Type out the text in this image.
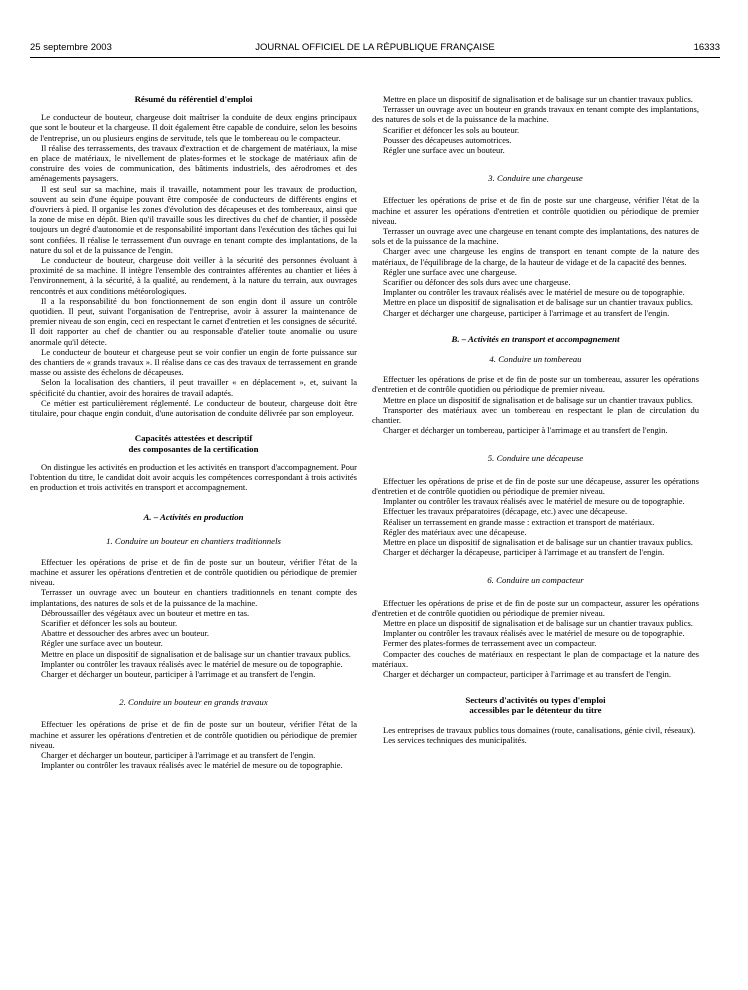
25 septembre 2003	JOURNAL OFFICIEL DE LA RÉPUBLIQUE FRANÇAISE	16333
Résumé du référentiel d'emploi

Le conducteur de bouteur, chargeuse doit maîtriser la conduite de deux engins principaux que sont le bouteur et la chargeuse. Il doit également être capable de conduire, selon les besoins de l'entreprise, un ou plusieurs engins de servitude, tels que le tombereau ou le compacteur.

Il réalise des terrassements, des travaux d'extraction et de chargement de matériaux, la mise en place de matériaux, le nivellement de plates-formes et le stockage de matériaux afin de construire des voies de communication, des bâtiments industriels, des aérodromes et des aménagements paysagers.

Il est seul sur sa machine, mais il travaille, notamment pour les travaux de production, souvent au sein d'une équipe pouvant être composée de conducteurs de différents engins et d'ouvriers à pied. Il organise les zones d'évolution des décapeuses et des tombereaux, ainsi que la zone de mise en dépôt. Bien qu'il travaille sous les directives du chef de chantier, il possède toujours un degré d'autonomie et de responsabilité important dans l'exécution des tâches qui lui sont confiées. Il réalise le terrassement d'un ouvrage en tenant compte des implantations, de la nature du sol et de la puissance de l'engin.

Le conducteur de bouteur, chargeuse doit veiller à la sécurité des personnes évoluant à proximité de sa machine. Il intègre l'ensemble des contraintes afférentes au chantier et liées à l'environnement, à la sécurité, à la qualité, au rendement, à la nature du terrain, aux ouvrages rencontrés et aux conditions météorologiques.

Il a la responsabilité du bon fonctionnement de son engin dont il assure un contrôle quotidien. Il peut, suivant l'organisation de l'entreprise, avoir à assurer la maintenance de premier niveau de son engin, ceci en respectant le carnet d'entretien et les consignes de sécurité. Il doit rapporter au chef de chantier ou au responsable d'atelier toute anomalie ou usure anormale qu'il détecte.

Le conducteur de bouteur et chargeuse peut se voir confier un engin de forte puissance sur des chantiers de « grands travaux ». Il réalise dans ce cas des travaux de terrassement en grande masse ou assiste des échelons de décapeuses.

Selon la localisation des chantiers, il peut travailler « en déplacement », et, suivant la spécificité du chantier, avoir des horaires de travail adaptés.

Ce métier est particulièrement réglementé. Le conducteur de bouteur, chargeuse doit être titulaire, pour chaque engin conduit, d'une autorisation de conduite délivrée par son employeur.

Capacités attestées et descriptif
des composantes de la certification

On distingue les activités en production et les activités en transport d'accompagnement. Pour l'obtention du titre, le candidat doit avoir acquis les compétences correspondant à trois activités en production et trois activités en transport et accompagnement.

A. – Activités en production
1. Conduire un bouteur en chantiers traditionnels

Effectuer les opérations de prise et de fin de poste sur un bouteur, vérifier l'état de la machine et assurer les opérations d'entretien et de contrôle quotidien ou périodique de premier niveau.

Terrasser un ouvrage avec un bouteur en chantiers traditionnels en tenant compte des implantations, des natures de sols et de la puissance de la machine.

Débroussailler des végétaux avec un bouteur et mettre en tas.

Scarifier et défoncer les sols au bouteur.

Abattre et dessoucher des arbres avec un bouteur.

Régler une surface avec un bouteur.

Mettre en place un dispositif de signalisation et de balisage sur un chantier travaux publics.

Implanter ou contrôler les travaux réalisés avec le matériel de mesure ou de topographie.

Charger et décharger un bouteur, participer à l'arrimage et au transfert de l'engin.

2. Conduire un bouteur en grands travaux

Effectuer les opérations de prise et de fin de poste sur un bouteur, vérifier l'état de la machine et assurer les opérations d'entretien et de contrôle quotidien ou périodique de premier niveau.

Charger et décharger un bouteur, participer à l'arrimage et au transfert de l'engin.

Implanter ou contrôler les travaux réalisés avec le matériel de mesure ou de topographie.

Mettre en place un dispositif de signalisation et de balisage sur un chantier travaux publics.

Terrasser un ouvrage avec un bouteur en grands travaux en tenant compte des implantations, des natures de sols et de la puissance de la machine.

Scarifier et défoncer les sols au bouteur.

Pousser des décapeuses automotrices.

Régler une surface avec un bouteur.

3. Conduire une chargeuse

Effectuer les opérations de prise et de fin de poste sur une chargeuse, vérifier l'état de la machine et assurer les opérations d'entretien et contrôle quotidien ou périodique de premier niveau.

Terrasser un ouvrage avec une chargeuse en tenant compte des implantations, des natures de sols et de la puissance de la machine.

Charger avec une chargeuse les engins de transport en tenant compte de la nature des matériaux, de l'équilibrage de la charge, de la hauteur de vidage et de la capacité des bennes.

Régler une surface avec une chargeuse.

Scarifier ou défoncer des sols durs avec une chargeuse.

Implanter ou contrôler les travaux réalisés avec le matériel de mesure ou de topographie.

Mettre en place un dispositif de signalisation et de balisage sur un chantier travaux publics.

Charger et décharger une chargeuse, participer à l'arrimage et au transfert de l'engin.

B. – Activités en transport et accompagnement
4. Conduire un tombereau

Effectuer les opérations de prise et de fin de poste sur un tombereau, assurer les opérations d'entretien et de contrôle quotidien ou périodique de premier niveau.

Mettre en place un dispositif de signalisation et de balisage sur un chantier travaux publics.

Transporter des matériaux avec un tombereau en respectant le plan de circulation du chantier.

Charger et décharger un tombereau, participer à l'arrimage et au transfert de l'engin.

5. Conduire une décapeuse

Effectuer les opérations de prise et de fin de poste sur une décapeuse, assurer les opérations d'entretien et de contrôle quotidien ou périodique de premier niveau.

Implanter ou contrôler les travaux réalisés avec le matériel de mesure ou de topographie.

Effectuer les travaux préparatoires (décapage, etc.) avec une décapeuse.

Réaliser un terrassement en grande masse : extraction et transport de matériaux.

Régler des matériaux avec une décapeuse.

Mettre en place un dispositif de signalisation et de balisage sur un chantier travaux publics.

Charger et décharger la décapeuse, participer à l'arrimage et au transfert de l'engin.

6. Conduire un compacteur

Effectuer les opérations de prise et de fin de poste sur un compacteur, assurer les opérations d'entretien et de contrôle quotidien ou périodique de premier niveau.

Mettre en place un dispositif de signalisation et de balisage sur un chantier travaux publics.

Implanter ou contrôler les travaux réalisés avec le matériel de mesure ou de topographie.

Fermer des plates-formes de terrassement avec un compacteur.

Compacter des couches de matériaux en respectant le plan de compactage et la nature des matériaux.

Charger et décharger un compacteur, participer à l'arrimage et au transfert de l'engin.

Secteurs d'activités ou types d'emploi
accessibles par le détenteur du titre

Les entreprises de travaux publics tous domaines (route, canalisations, génie civil, réseaux).

Les services techniques des municipalités.
